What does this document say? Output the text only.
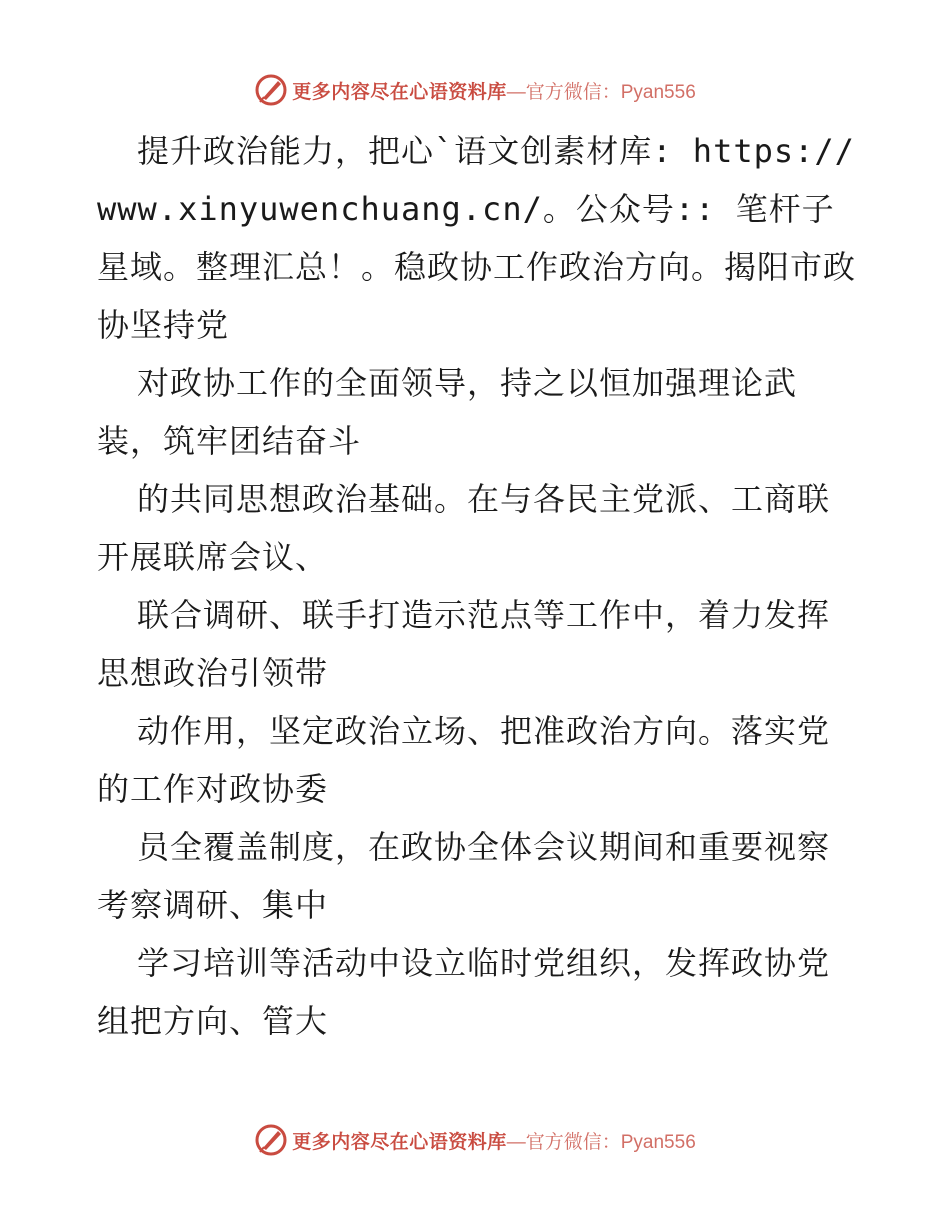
更多内容尽在心语资料库 —官方微信：Pyan556

提升政治能力，把心`语文创素材库: https://www.xinyuwenchuang.cn/。公众号:: 笔杆子星域。整理汇总！。稳政协工作政治方向。揭阳市政协坚持党

对政协工作的全面领导，持之以恒加强理论武装，筑牢团结奋斗

的共同思想政治基础。在与各民主党派、工商联开展联席会议、

联合调研、联手打造示范点等工作中，着力发挥思想政治引领带

动作用，坚定政治立场、把准政治方向。落实党的工作对政协委

员全覆盖制度，在政协全体会议期间和重要视察考察调研、集中

学习培训等活动中设立临时党组织，发挥政协党组把方向、管大

更多内容尽在心语资料库 —官方微信：Pyan556
